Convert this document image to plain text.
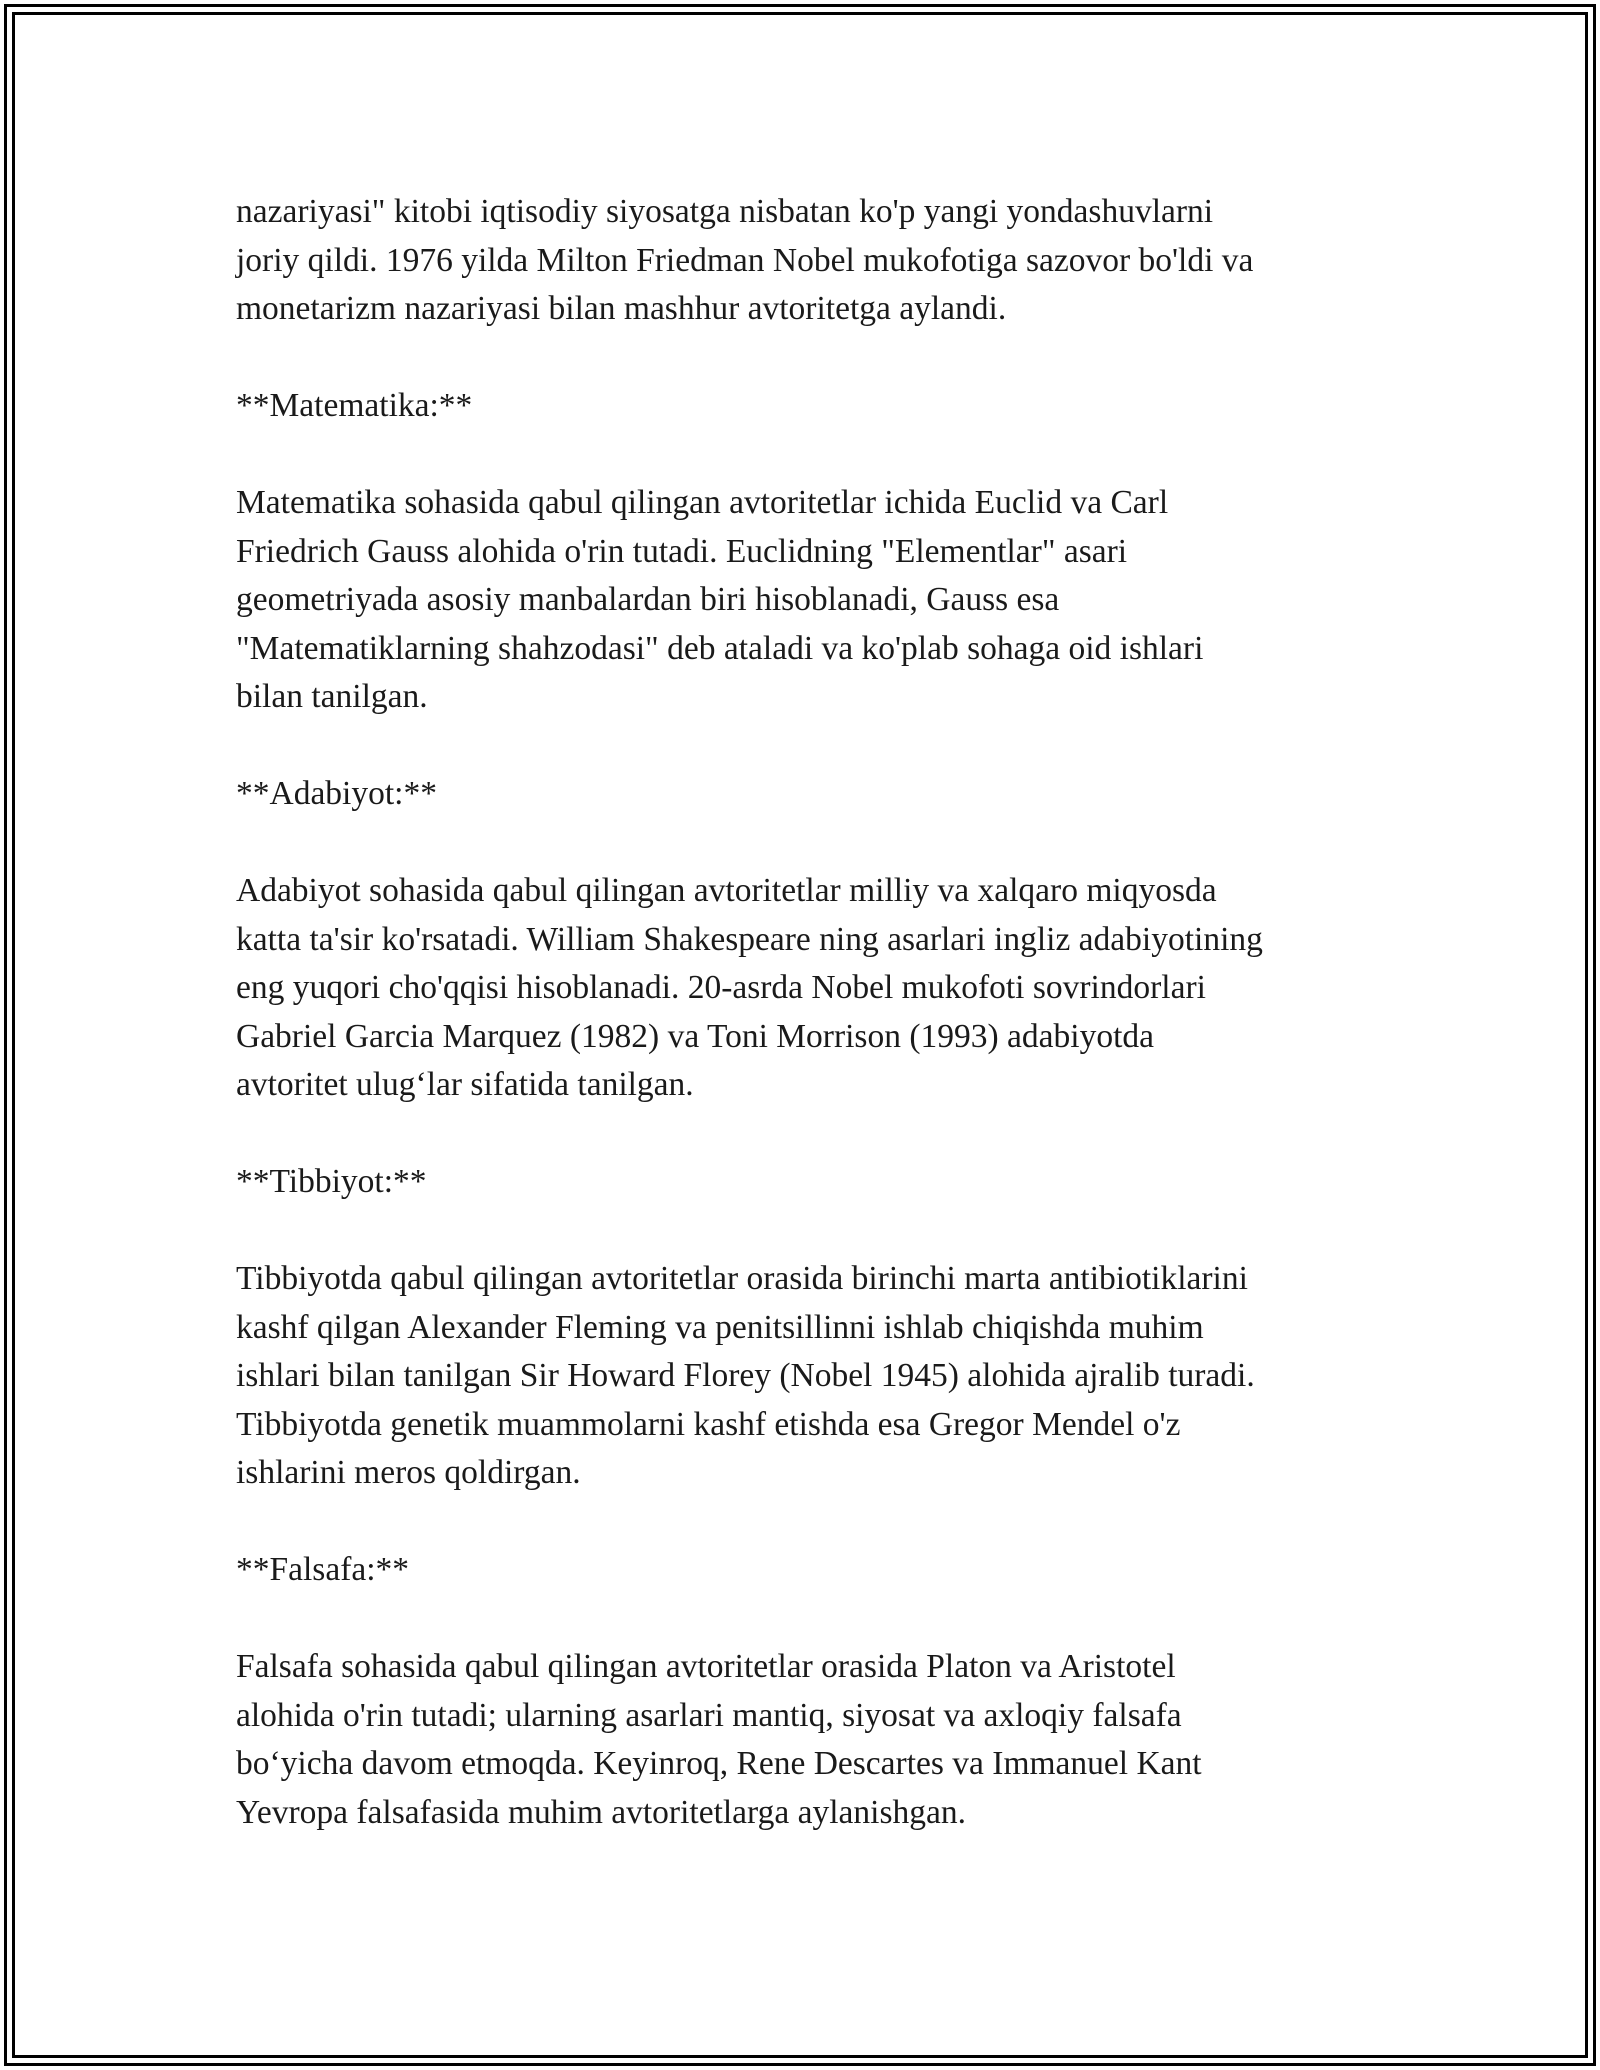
nazariyasi" kitobi iqtisodiy siyosatga nisbatan ko'p yangi yondashuvlarni
joriy qildi. 1976 yilda Milton Friedman Nobel mukofotiga sazovor bo'ldi va
monetarizm nazariyasi bilan mashhur avtoritetga aylandi.

**Matematika:**

Matematika sohasida qabul qilingan avtoritetlar ichida Euclid va Carl
Friedrich Gauss alohida o'rin tutadi. Euclidning "Elementlar" asari
geometriyada asosiy manbalardan biri hisoblanadi, Gauss esa
"Matematiklarning shahzodasi" deb ataladi va ko'plab sohaga oid ishlari
bilan tanilgan.

**Adabiyot:**

Adabiyot sohasida qabul qilingan avtoritetlar milliy va xalqaro miqyosda
katta ta'sir ko'rsatadi. William Shakespeare ning asarlari ingliz adabiyotining
eng yuqori cho'qqisi hisoblanadi. 20-asrda Nobel mukofoti sovrindorlari
Gabriel Garcia Marquez (1982) va Toni Morrison (1993) adabiyotda
avtoritet ulug‘lar sifatida tanilgan.

**Tibbiyot:**

Tibbiyotda qabul qilingan avtoritetlar orasida birinchi marta antibiotiklarini
kashf qilgan Alexander Fleming va penitsillinni ishlab chiqishda muhim
ishlari bilan tanilgan Sir Howard Florey (Nobel 1945) alohida ajralib turadi.
Tibbiyotda genetik muammolarni kashf etishda esa Gregor Mendel o'z
ishlarini meros qoldirgan.

**Falsafa:**

Falsafa sohasida qabul qilingan avtoritetlar orasida Platon va Aristotel
alohida o'rin tutadi; ularning asarlari mantiq, siyosat va axloqiy falsafa
bo‘yicha davom etmoqda. Keyinroq, Rene Descartes va Immanuel Kant
Yevropa falsafasida muhim avtoritetlarga aylanishgan.
